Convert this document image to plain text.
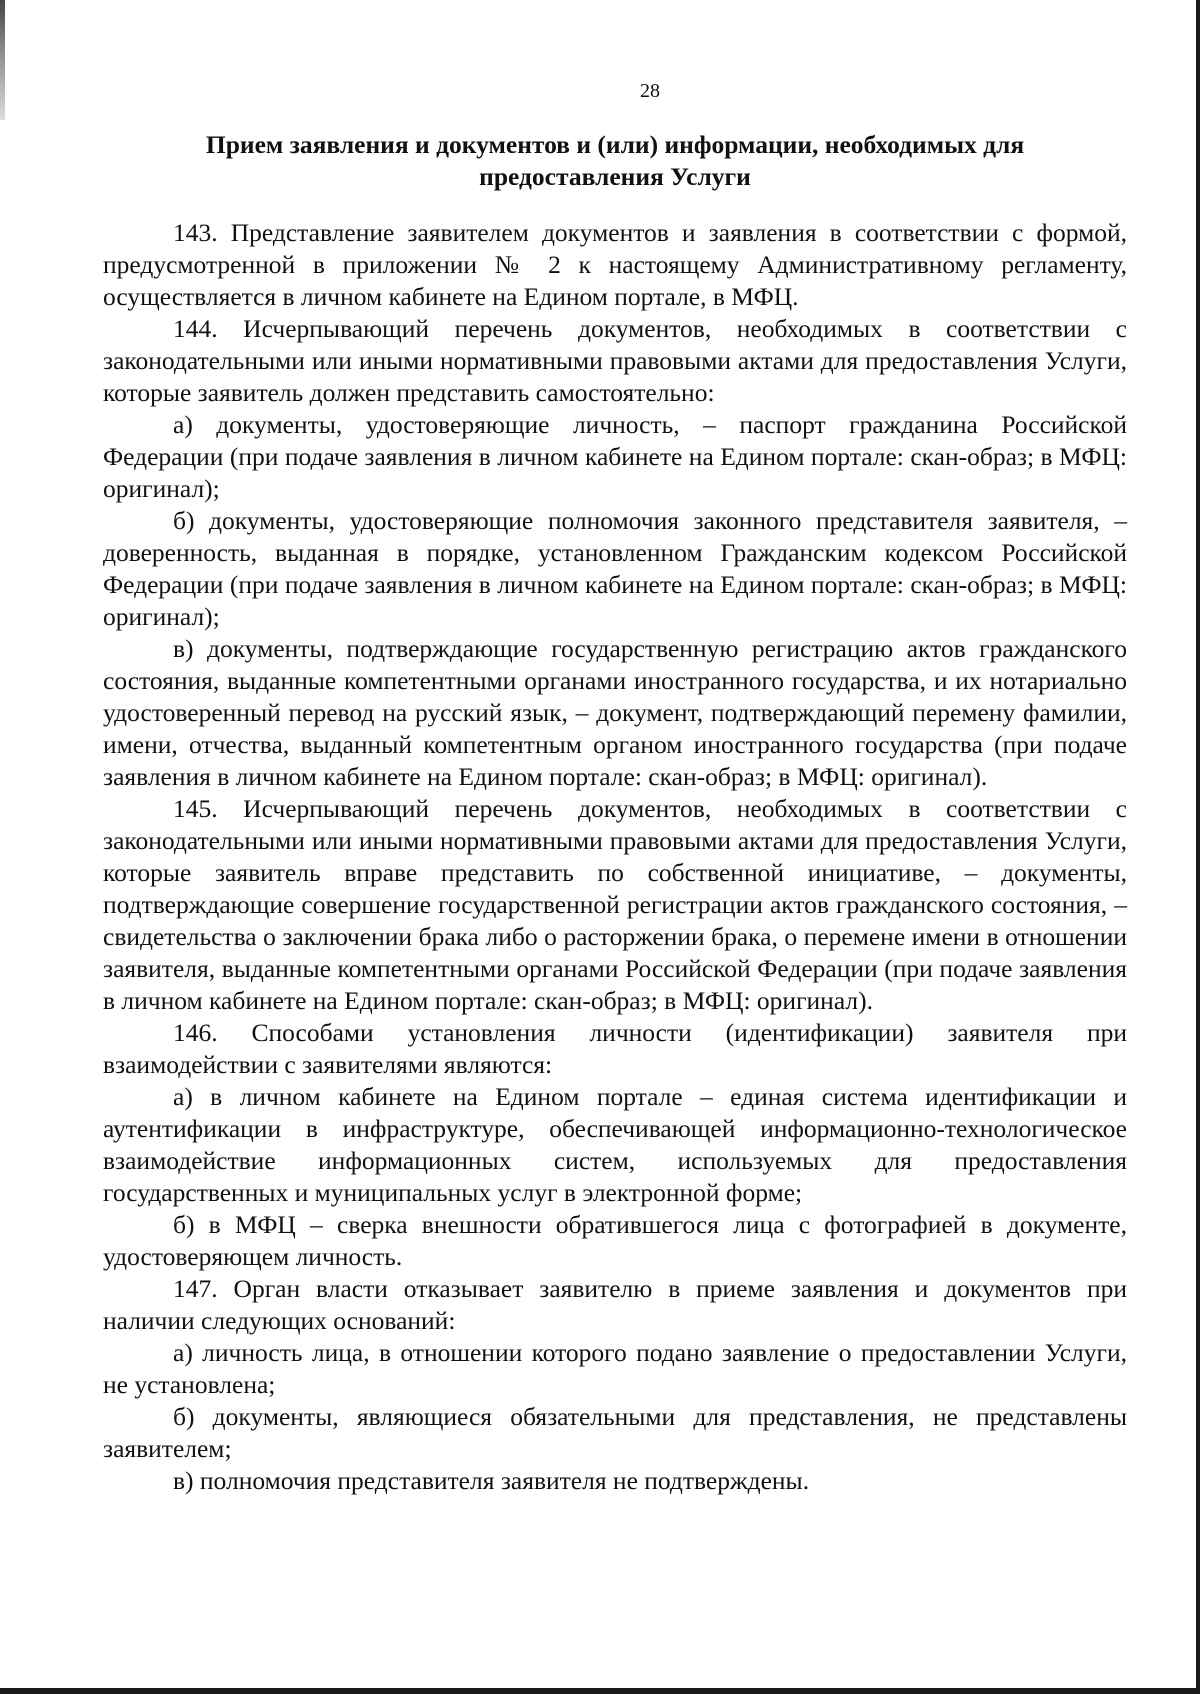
28
Прием заявления и документов и (или) информации, необходимых для
предоставления Услуги

143. Представление заявителем документов и заявления в соответствии с формой, предусмотренной в приложении № 2 к настоящему Административному регламенту, осуществляется в личном кабинете на Едином портале, в МФЦ.

144. Исчерпывающий перечень документов, необходимых в соответствии с законодательными или иными нормативными правовыми актами для предоставления Услуги, которые заявитель должен представить самостоятельно:

а) документы, удостоверяющие личность, – паспорт гражданина Российской Федерации (при подаче заявления в личном кабинете на Едином портале: скан-образ; в МФЦ: оригинал);

б) документы, удостоверяющие полномочия законного представителя заявителя, – доверенность, выданная в порядке, установленном Гражданским кодексом Российской Федерации (при подаче заявления в личном кабинете на Едином портале: скан-образ; в МФЦ: оригинал);

в) документы, подтверждающие государственную регистрацию актов гражданского состояния, выданные компетентными органами иностранного государства, и их нотариально удостоверенный перевод на русский язык, – документ, подтверждающий перемену фамилии, имени, отчества, выданный компетентным органом иностранного государства (при подаче заявления в личном кабинете на Едином портале: скан-образ; в МФЦ: оригинал).

145. Исчерпывающий перечень документов, необходимых в соответствии с законодательными или иными нормативными правовыми актами для предоставления Услуги, которые заявитель вправе представить по собственной инициативе, – документы, подтверждающие совершение государственной регистрации актов гражданского состояния, – свидетельства о заключении брака либо о расторжении брака, о перемене имени в отношении заявителя, выданные компетентными органами Российской Федерации (при подаче заявления в личном кабинете на Едином портале: скан-образ; в МФЦ: оригинал).

146. Способами установления личности (идентификации) заявителя при взаимодействии с заявителями являются:

а) в личном кабинете на Едином портале – единая система идентификации и аутентификации в инфраструктуре, обеспечивающей информационно-технологическое взаимодействие информационных систем, используемых для предоставления государственных и муниципальных услуг в электронной форме;

б) в МФЦ – сверка внешности обратившегося лица с фотографией в документе, удостоверяющем личность.

147. Орган власти отказывает заявителю в приеме заявления и документов при наличии следующих оснований:

а) личность лица, в отношении которого подано заявление о предоставлении Услуги, не установлена;

б) документы, являющиеся обязательными для представления, не представлены заявителем;

в) полномочия представителя заявителя не подтверждены.
